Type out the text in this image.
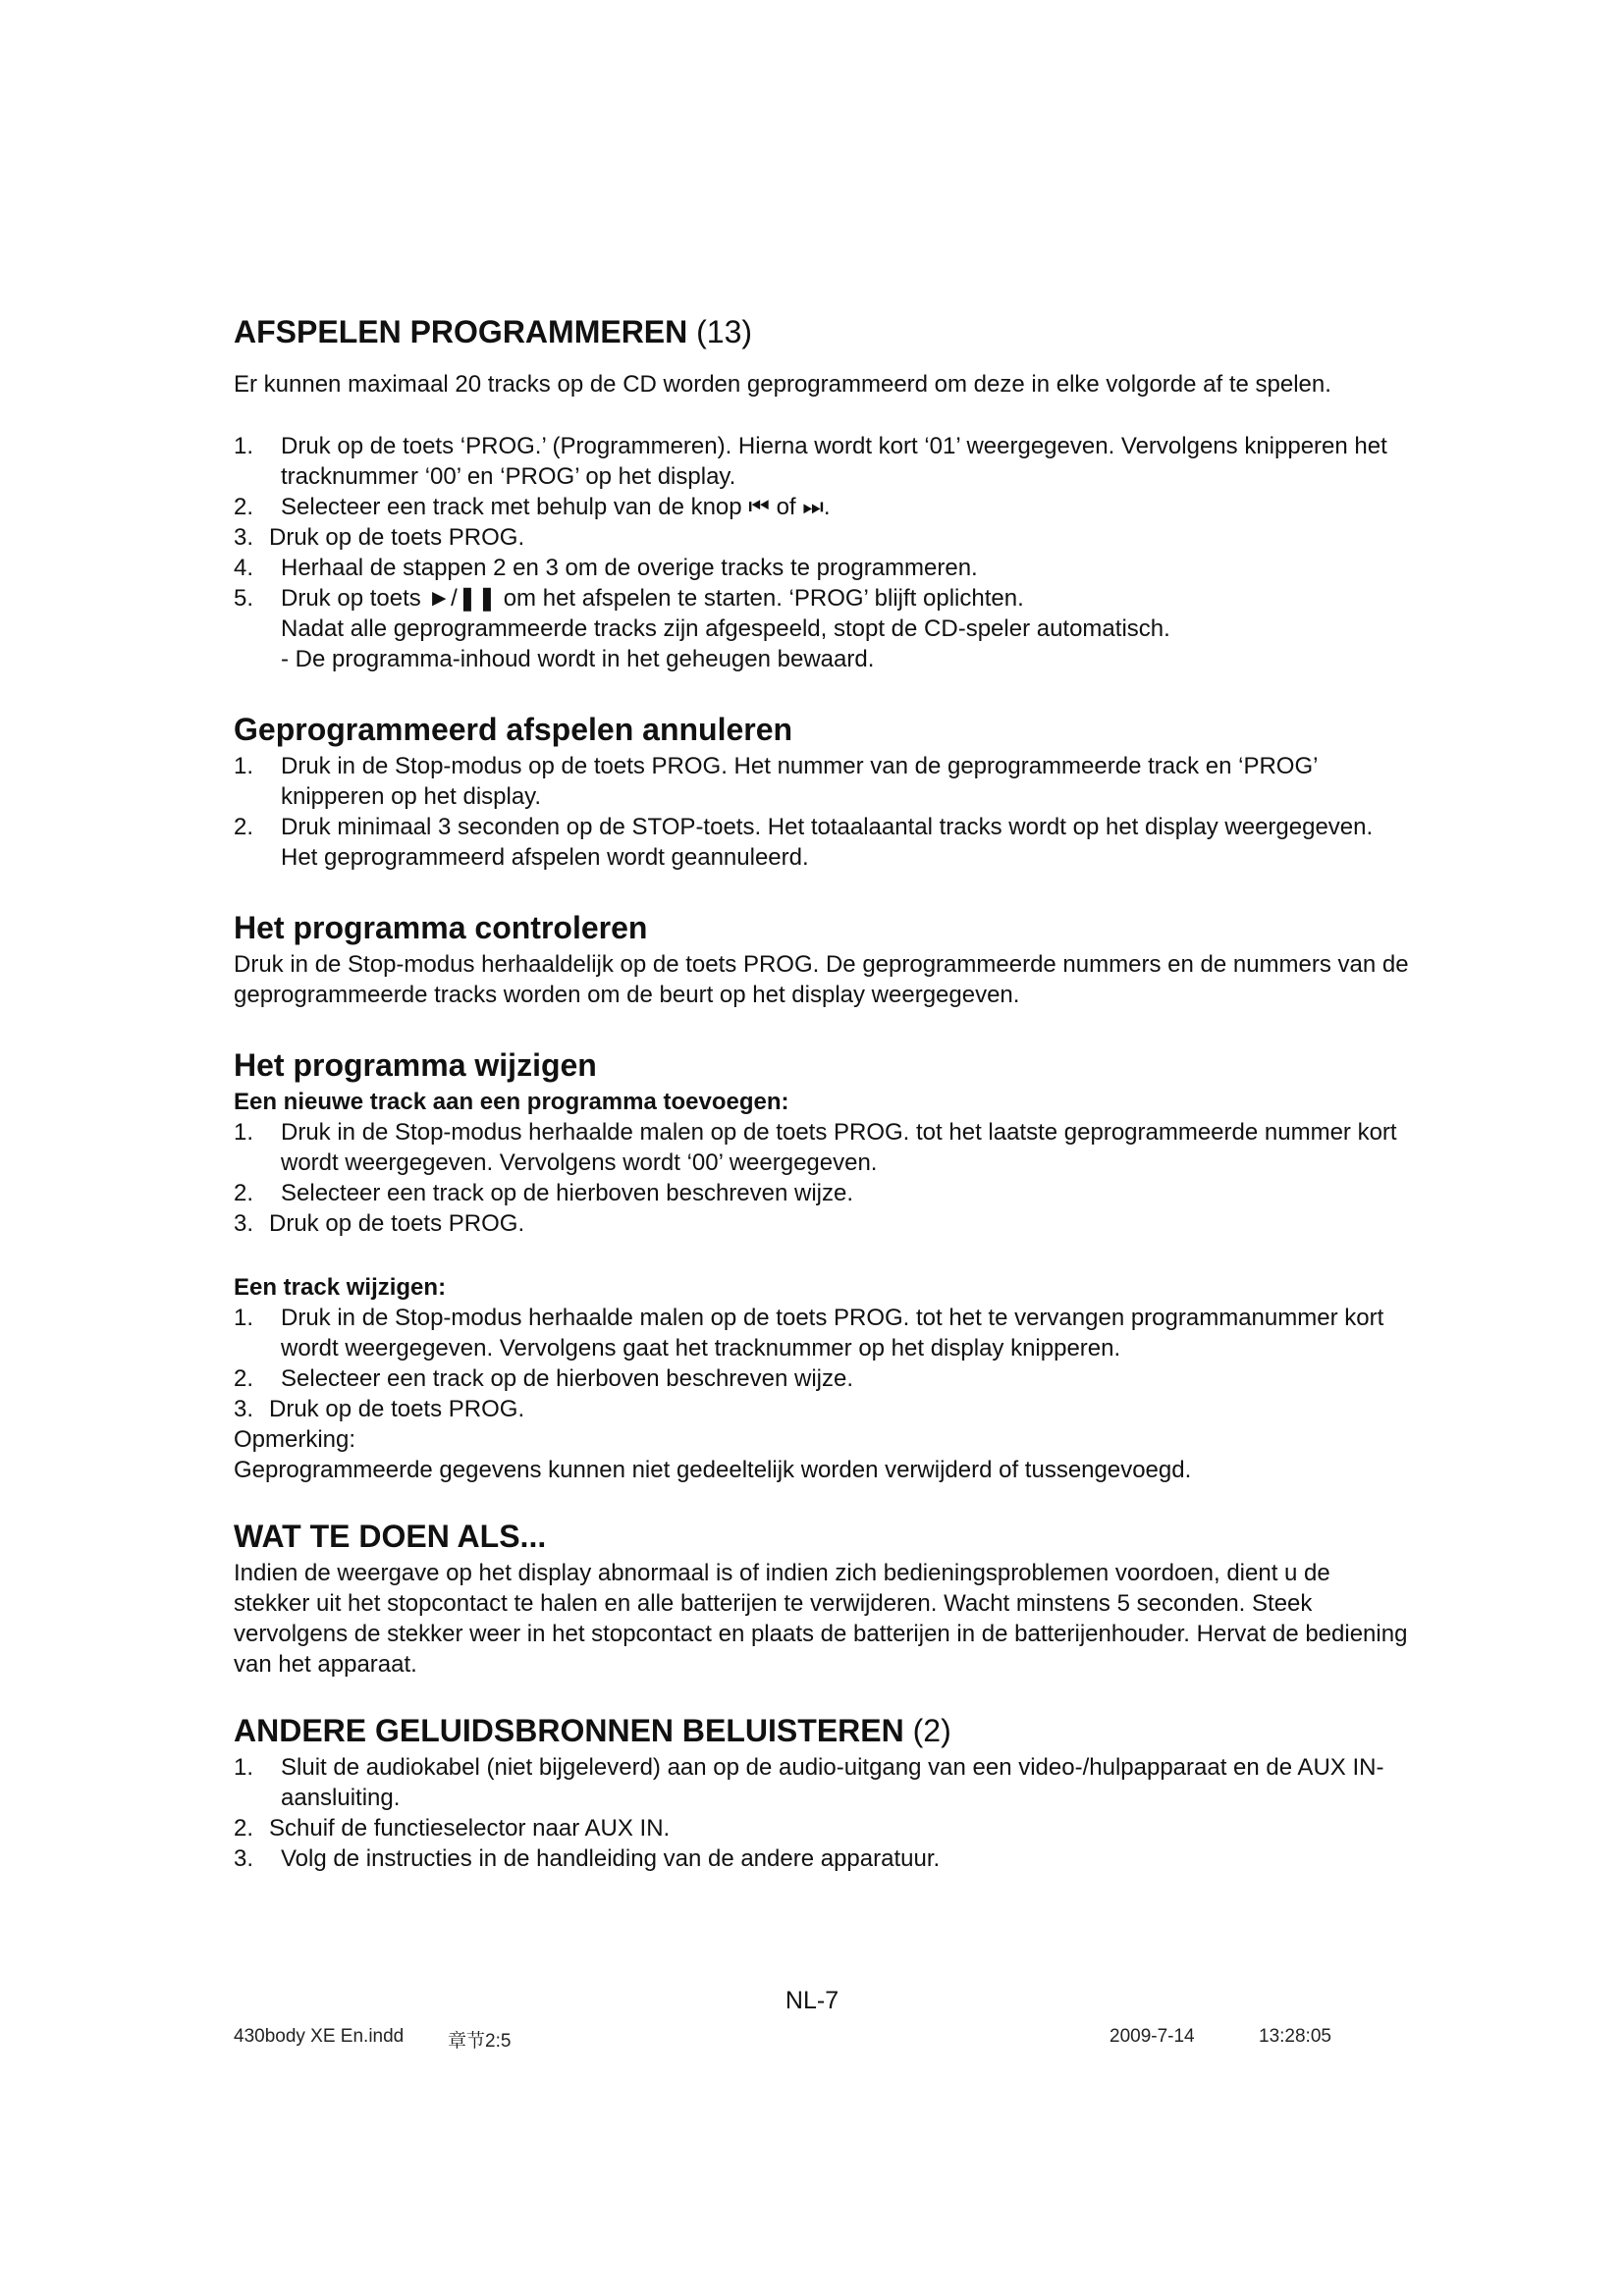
AFSPELEN PROGRAMMEREN (13)

Er kunnen maximaal 20 tracks op de CD worden geprogrammeerd om deze in elke volgorde af te spelen.

1. Druk op de toets ‘PROG.’ (Programmeren). Hierna wordt kort ‘01’ weergegeven. Vervolgens knipperen het tracknummer ‘00’ en ‘PROG’ op het display.
2. Selecteer een track met behulp van de knop ⏮ of ⏭.
3. Druk op de toets PROG.
4. Herhaal de stappen 2 en 3 om de overige tracks te programmeren.
5. Druk op toets ►/❚❚ om het afspelen te starten. ‘PROG’ blijft oplichten.
Nadat alle geprogrammeerde tracks zijn afgespeeld, stopt de CD-speler automatisch.
- De programma-inhoud wordt in het geheugen bewaard.
Geprogrammeerd afspelen annuleren
1. Druk in de Stop-modus op de toets PROG. Het nummer van de geprogrammeerde track en ‘PROG’ knipperen op het display.
2. Druk minimaal 3 seconden op de STOP-toets. Het totaalaantal tracks wordt op het display weergegeven.
Het geprogrammeerd afspelen wordt geannuleerd.
Het programma controleren

Druk in de Stop-modus herhaaldelijk op de toets PROG. De geprogrammeerde nummers en de nummers van de geprogrammeerde tracks worden om de beurt op het display weergegeven.

Het programma wijzigen

Een nieuwe track aan een programma toevoegen:

1. Druk in de Stop-modus herhaalde malen op de toets PROG. tot het laatste geprogrammeerde nummer kort wordt weergegeven. Vervolgens wordt ‘00’ weergegeven.
2. Selecteer een track op de hierboven beschreven wijze.
3. Druk op de toets PROG.

Een track wijzigen:

1. Druk in de Stop-modus herhaalde malen op de toets PROG. tot het te vervangen programmanummer kort wordt weergegeven. Vervolgens gaat het tracknummer op het display knipperen.
2. Selecteer een track op de hierboven beschreven wijze.
3. Druk op de toets PROG.

Opmerking:

Geprogrammeerde gegevens kunnen niet gedeeltelijk worden verwijderd of tussengevoegd.

WAT TE DOEN ALS...

Indien de weergave op het display abnormaal is of indien zich bedieningsproblemen voordoen, dient u de stekker uit het stopcontact te halen en alle batterijen te verwijderen. Wacht minstens 5 seconden. Steek vervolgens de stekker weer in het stopcontact en plaats de batterijen in de batterijenhouder. Hervat de bediening van het apparaat.

ANDERE GELUIDSBRONNEN BELUISTEREN (2)
1. Sluit de audiokabel (niet bijgeleverd) aan op de audio-uitgang van een video-/hulpapparaat en de AUX IN-aansluiting.
2. Schuif de functieselector naar AUX IN.
3. Volg de instructies in de handleiding van de andere apparatuur.
NL-7
430body XE En.indd 章节2:5	2009-7-14	13:28:05
